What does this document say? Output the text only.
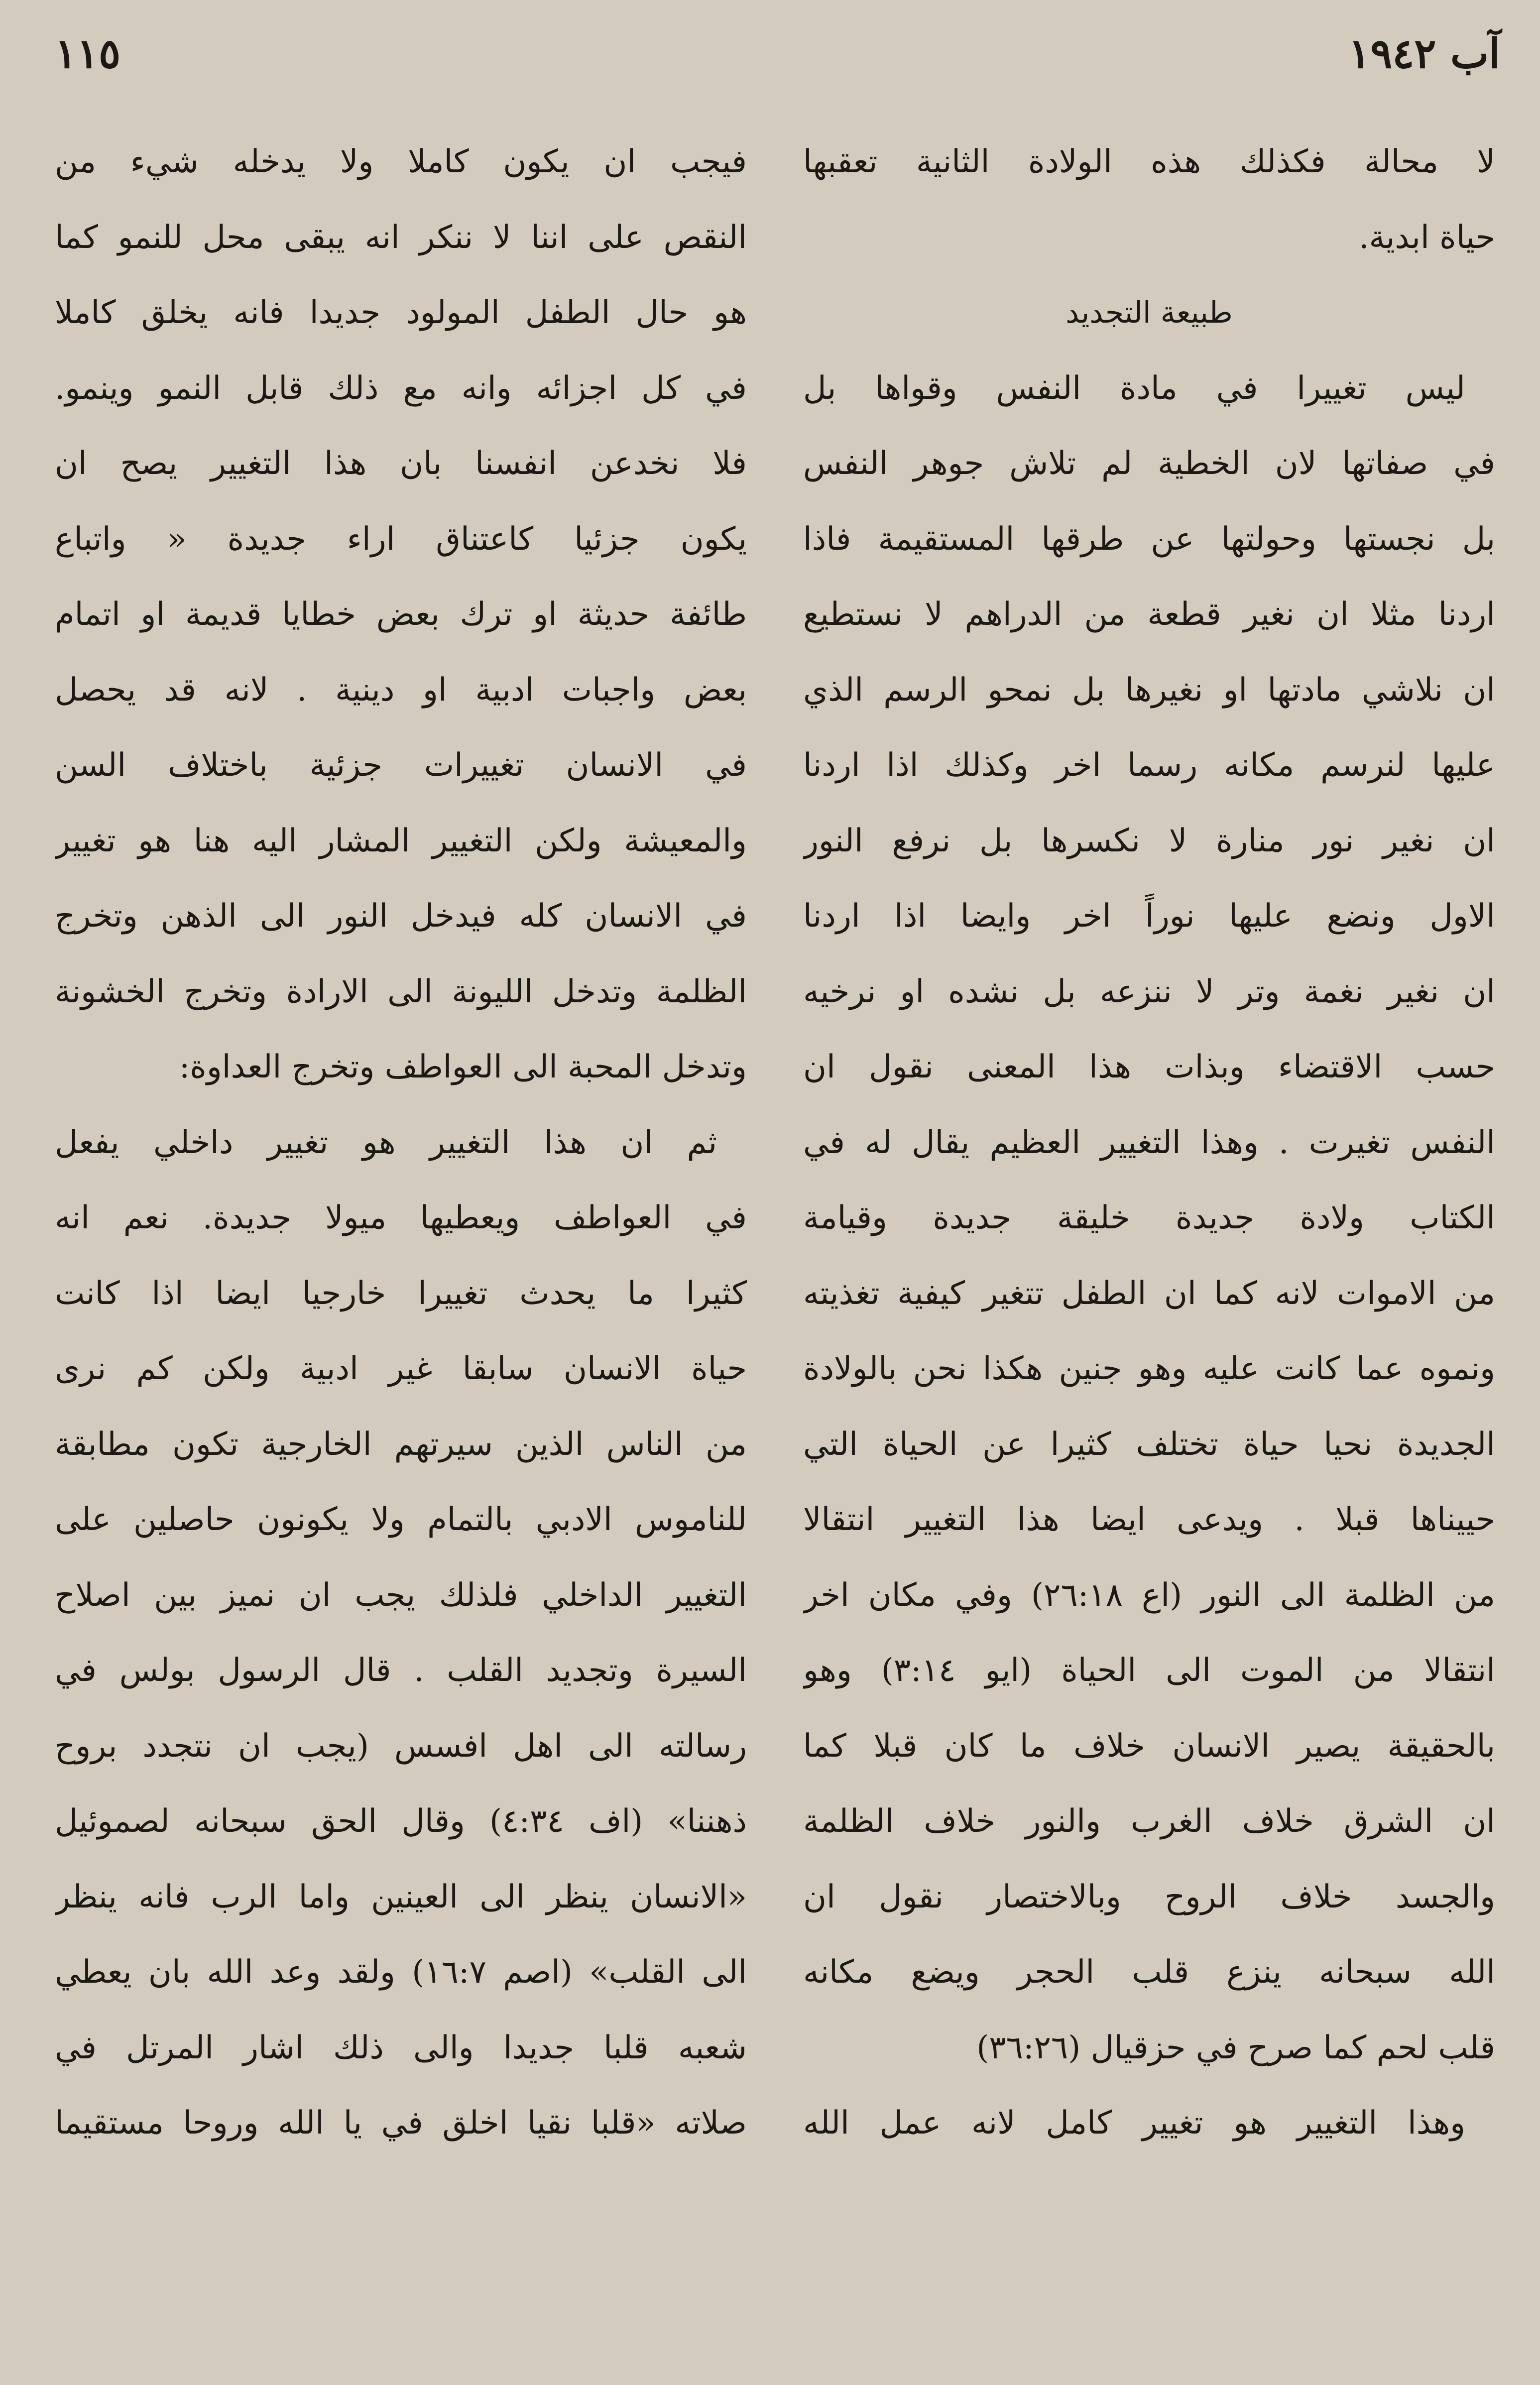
آب ١٩٤٢
١١٥
لا محالة فكذلك هذه الولادة الثانية تعقبها
حياة ابدية.
طبيعة التجديد
ليس تغييرا في مادة النفس وقواها بل
في صفاتها لان الخطية لم تلاش جوهر النفس
بل نجستها وحولتها عن طرقها المستقيمة فاذا
اردنا مثلا ان نغير قطعة من الدراهم لا نستطيع
ان نلاشي مادتها او نغيرها بل نمحو الرسم الذي
عليها لنرسم مكانه رسما اخر وكذلك اذا اردنا
ان نغير نور منارة لا نكسرها بل نرفع النور
الاول ونضع عليها نوراً اخر وايضا اذا اردنا
ان نغير نغمة وتر لا ننزعه بل نشده او نرخيه
حسب الاقتضاء وبذات هذا المعنى نقول ان
النفس تغيرت . وهذا التغيير العظيم يقال له في
الكتاب ولادة جديدة خليقة جديدة وقيامة
من الاموات لانه كما ان الطفل تتغير كيفية تغذيته
ونموه عما كانت عليه وهو جنين هكذا نحن بالولادة
الجديدة نحيا حياة تختلف كثيرا عن الحياة التي
حييناها قبلا . ويدعى ايضا هذا التغيير انتقالا
من الظلمة الى النور (اع ٢٦:١٨) وفي مكان اخر
انتقالا من الموت الى الحياة (ايو ٣:١٤) وهو
بالحقيقة يصير الانسان خلاف ما كان قبلا كما
ان الشرق خلاف الغرب والنور خلاف الظلمة
والجسد خلاف الروح وبالاختصار نقول ان
الله سبحانه ينزع قلب الحجر ويضع مكانه
قلب لحم كما صرح في حزقيال (٣٦:٢٦)
وهذا التغيير هو تغيير كامل لانه عمل الله
فيجب ان يكون كاملا ولا يدخله شيء من
النقص على اننا لا ننكر انه يبقى محل للنمو كما
هو حال الطفل المولود جديدا فانه يخلق كاملا
في كل اجزائه وانه مع ذلك قابل النمو وينمو.
فلا نخدعن انفسنا بان هذا التغيير يصح ان
يكون جزئيا كاعتناق اراء جديدة « واتباع
طائفة حديثة او ترك بعض خطايا قديمة او اتمام
بعض واجبات ادبية او دينية . لانه قد يحصل
في الانسان تغييرات جزئية باختلاف السن
والمعيشة ولكن التغيير المشار اليه هنا هو تغيير
في الانسان كله فيدخل النور الى الذهن وتخرج
الظلمة وتدخل الليونة الى الارادة وتخرج الخشونة
وتدخل المحبة الى العواطف وتخرج العداوة:
ثم ان هذا التغيير هو تغيير داخلي يفعل
في العواطف ويعطيها ميولا جديدة. نعم انه
كثيرا ما يحدث تغييرا خارجيا ايضا اذا كانت
حياة الانسان سابقا غير ادبية ولكن كم نرى
من الناس الذين سيرتهم الخارجية تكون مطابقة
للناموس الادبي بالتمام ولا يكونون حاصلين على
التغيير الداخلي فلذلك يجب ان نميز بين اصلاح
السيرة وتجديد القلب . قال الرسول بولس في
رسالته الى اهل افسس (يجب ان نتجدد بروح
ذهننا» (اف ٤:٣٤) وقال الحق سبحانه لصموئيل
«الانسان ينظر الى العينين واما الرب فانه ينظر
الى القلب» (اصم ١٦:٧) ولقد وعد الله بان يعطي
شعبه قلبا جديدا والى ذلك اشار المرتل في
صلاته «قلبا نقيا اخلق في يا الله وروحا مستقيما
